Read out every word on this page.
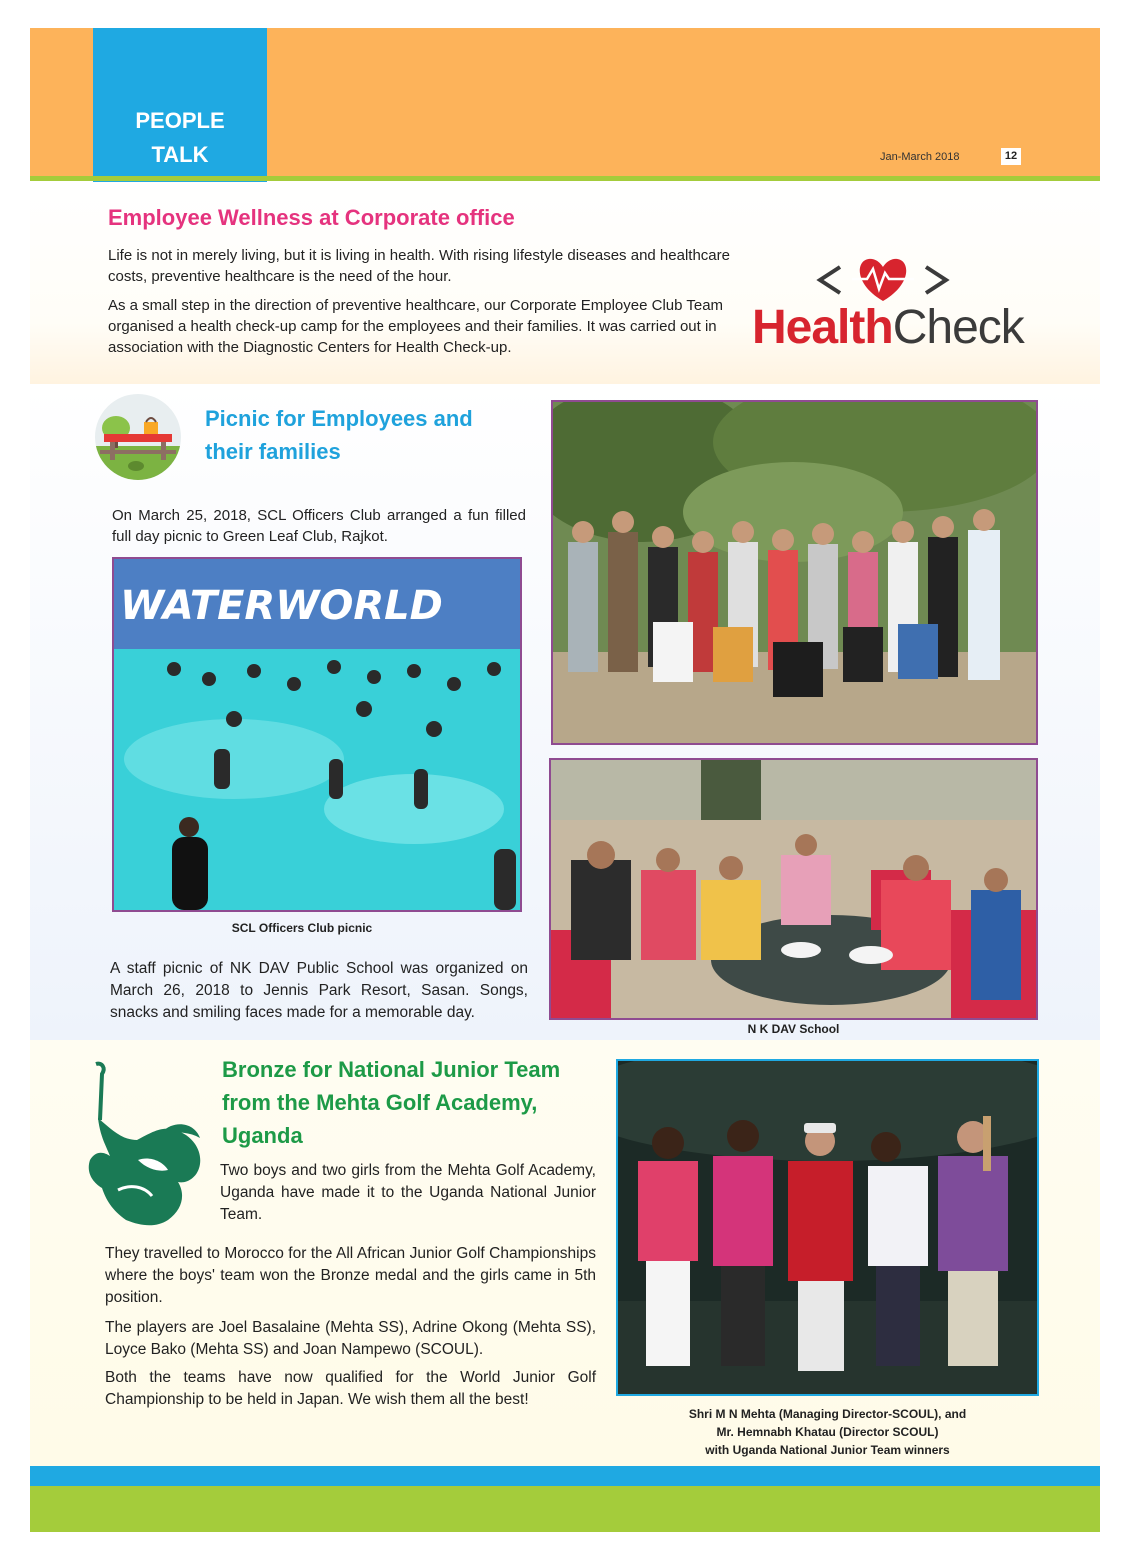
PEOPLE
TALK	Jan-March 2018	12
Employee Wellness at Corporate office
Life is not in merely living, but it is living in health. With rising lifestyle diseases and healthcare costs, preventive healthcare is the need of the hour.
As a small step in the direction of preventive healthcare, our Corporate Employee Club Team organised a health check-up camp for the employees and their families. It was carried out in association with the Diagnostic Centers for Health Check-up.	HealthCheck
Picnic for Employees and their families
On March 25, 2018, SCL Officers Club arranged a fun filled full day picnic to Green Leaf Club, Rajkot.
WATERWORLD
SCL Officers Club picnic
A staff picnic of NK DAV Public School was organized on March 26, 2018 to Jennis Park Resort, Sasan. Songs, snacks and smiling faces made for a memorable day.
N K DAV School
Bronze for National Junior Team from the Mehta Golf Academy, Uganda
Two boys and two girls from the Mehta Golf Academy, Uganda have made it to the Uganda National Junior Team.
They travelled to Morocco for the All African Junior Golf Championships where the boys' team won the Bronze medal and the girls came in 5th position.
The players are Joel Basalaine (Mehta SS), Adrine Okong (Mehta SS), Loyce Bako (Mehta SS) and Joan Nampewo (SCOUL).
Both the teams have now qualified for the World Junior Golf Championship to be held in Japan. We wish them all the best!
Shri M N Mehta (Managing Director-SCOUL), and
Mr. Hemnabh Khatau (Director SCOUL)
with Uganda National Junior Team winners
